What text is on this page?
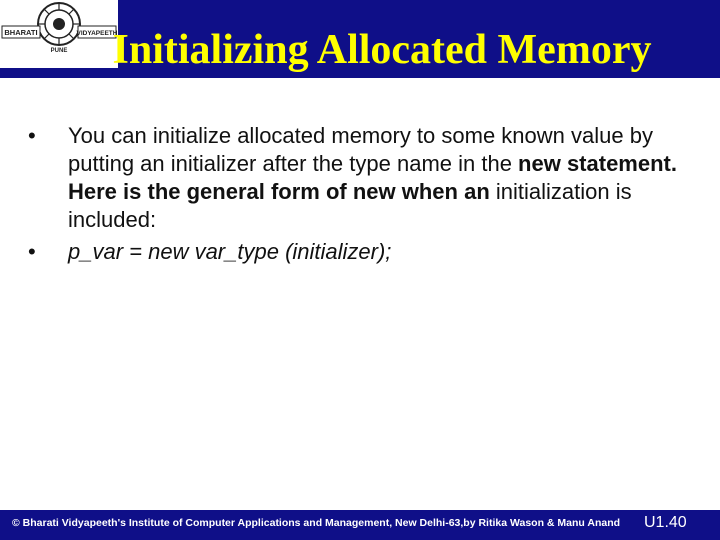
BHARATI	VIDYAPEETH
PUNE	Initializing Allocated Memory
• You can initialize allocated memory to some known value by putting an initializer after the type name in the new statement. Here is the general form of new when an initialization is included:
• p_var = new var_type (initializer);
© Bharati Vidyapeeth's Institute of Computer Applications and Management, New Delhi-63,by Ritika Wason & Manu Anand U1.40
